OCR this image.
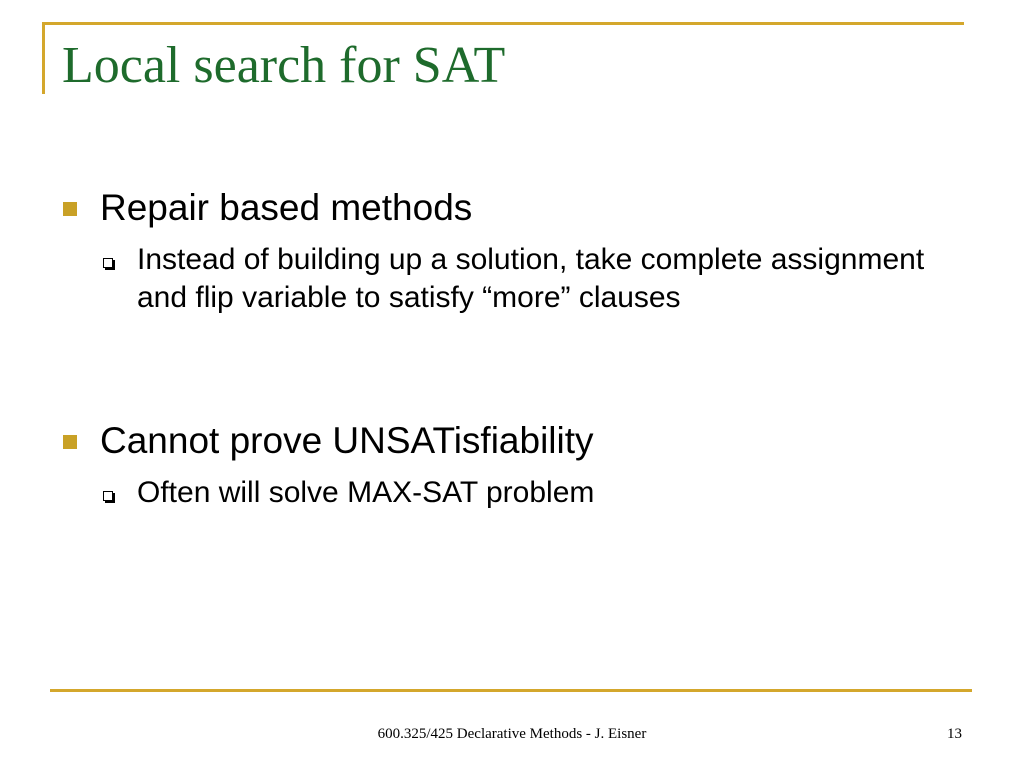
Local search for SAT
Repair based methods
Instead of building up a solution, take complete assignment and flip variable to satisfy “more” clauses
Cannot prove UNSATisfiability
Often will solve MAX-SAT problem
600.325/425 Declarative Methods - J. Eisner	13
